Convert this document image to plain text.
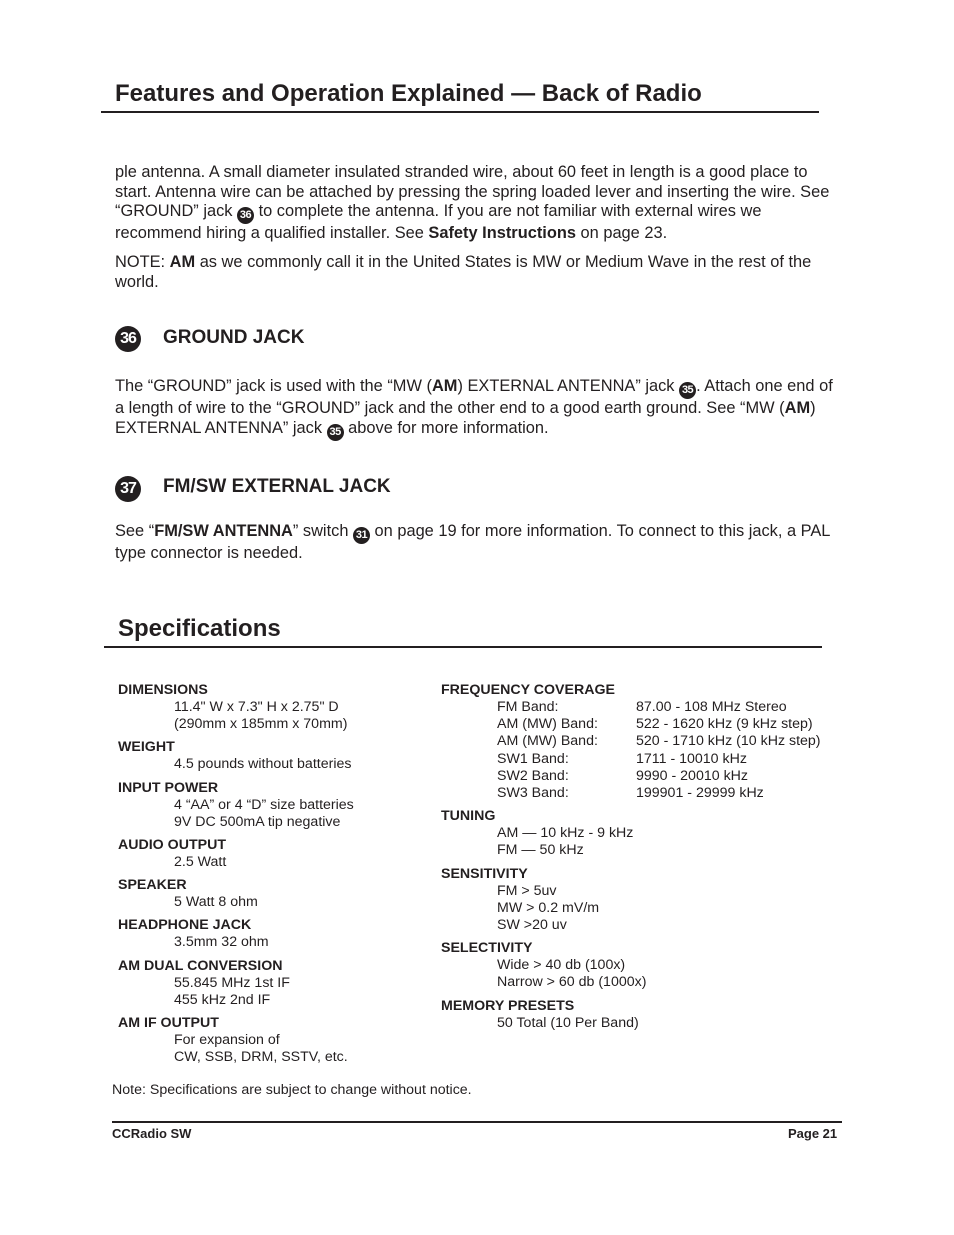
Features and Operation Explained — Back of Radio

ple antenna. A small diameter insulated stranded wire, about 60 feet in length is a good place to start. Antenna wire can be attached by pressing the spring loaded lever and inserting the wire. See “GROUND” jack 36 to complete the antenna. If you are not familiar with external wires we recommend hiring a qualified installer. See Safety Instructions on page 23.

NOTE: AM as we commonly call it in the United States is MW or Medium Wave in the rest of the world.

36 GROUND JACK

The “GROUND” jack is used with the “MW (AM) EXTERNAL ANTENNA” jack 35 . Attach one end of a length of wire to the “GROUND” jack and the other end to a good earth ground. See “MW (AM) EXTERNAL ANTENNA” jack 35 above for more information.

37 FM/SW EXTERNAL JACK

See “FM/SW ANTENNA” switch 31 on page 19 for more information. To connect to this jack, a PAL type connector is needed.

Specifications
DIMENSIONS
11.4" W x 7.3" H x 2.75" D
(290mm x 185mm x 70mm)
WEIGHT
4.5 pounds without batteries
INPUT POWER
4 “AA” or 4 “D” size batteries
9V DC 500mA tip negative
AUDIO OUTPUT
2.5 Watt
SPEAKER
5 Watt 8 ohm
HEADPHONE JACK
3.5mm 32 ohm
AM DUAL CONVERSION
55.845 MHz 1st IF
455 kHz 2nd IF
AM IF OUTPUT
For expansion of
CW, SSB, DRM, SSTV, etc.
FREQUENCY COVERAGE
FM Band:	87.00 - 108 MHz Stereo
AM (MW) Band:	522 - 1620 kHz (9 kHz step)
AM (MW) Band:	520 - 1710 kHz (10 kHz step)
SW1 Band:	1711 - 10010 kHz
SW2 Band:	9990 - 20010 kHz
SW3 Band:	199901 - 29999 kHz
TUNING
AM — 10 kHz - 9 kHz
FM — 50 kHz
SENSITIVITY
FM > 5uv
MW > 0.2 mV/m
SW >20 uv
SELECTIVITY
Wide > 40 db (100x)
Narrow > 60 db (1000x)
MEMORY PRESETS
50 Total (10 Per Band)
Note: Specifications are subject to change without notice.
CCRadio SW	Page 21
